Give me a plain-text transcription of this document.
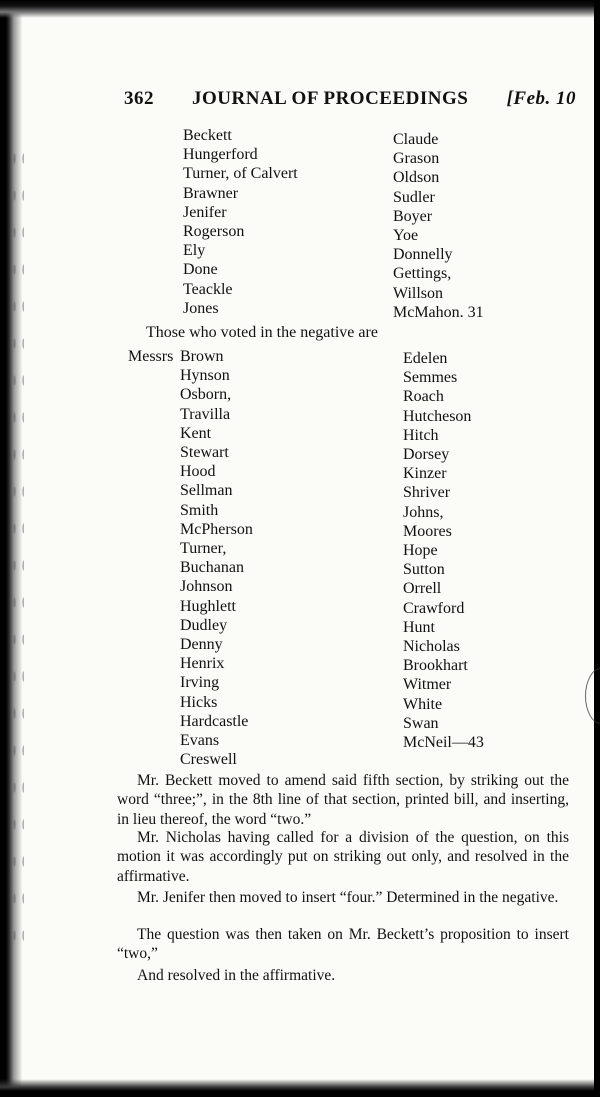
362 JOURNAL OF PROCEEDINGS [Feb. 10
Beckett
Hungerford
Turner, of Calvert
Brawner
Jenifer
Rogerson
Ely
Done
Teackle
Jones
Claude
Grason
Oldson
Sudler
Boyer
Yoe
Donnelly
Gettings,
Willson
McMahon. 31
Those who voted in the negative are
Messrs Brown
Hynson
Osborn,
Travilla
Kent
Stewart
Hood
Sellman
Smith
McPherson
Turner,
Buchanan
Johnson
Hughlett
Dudley
Denny
Henrix
Irving
Hicks
Hardcastle
Evans
Creswell
Edelen
Semmes
Roach
Hutcheson
Hitch
Dorsey
Kinzer
Shriver
Johns,
Moores
Hope
Sutton
Orrell
Crawford
Hunt
Nicholas
Brookhart
Witmer
White
Swan
McNeil—43

Mr. Beckett moved to amend said fifth section, by striking out the word “three;”, in the 8th line of that section, printed bill, and inserting, in lieu thereof, the word “two.”

Mr. Nicholas having called for a division of the question, on this motion it was accordingly put on striking out only, and resolved in the affirmative.

Mr. Jenifer then moved to insert “four.” Determined in the negative.

The question was then taken on Mr. Beckett’s proposition to insert “two,”

And resolved in the affirmative.
